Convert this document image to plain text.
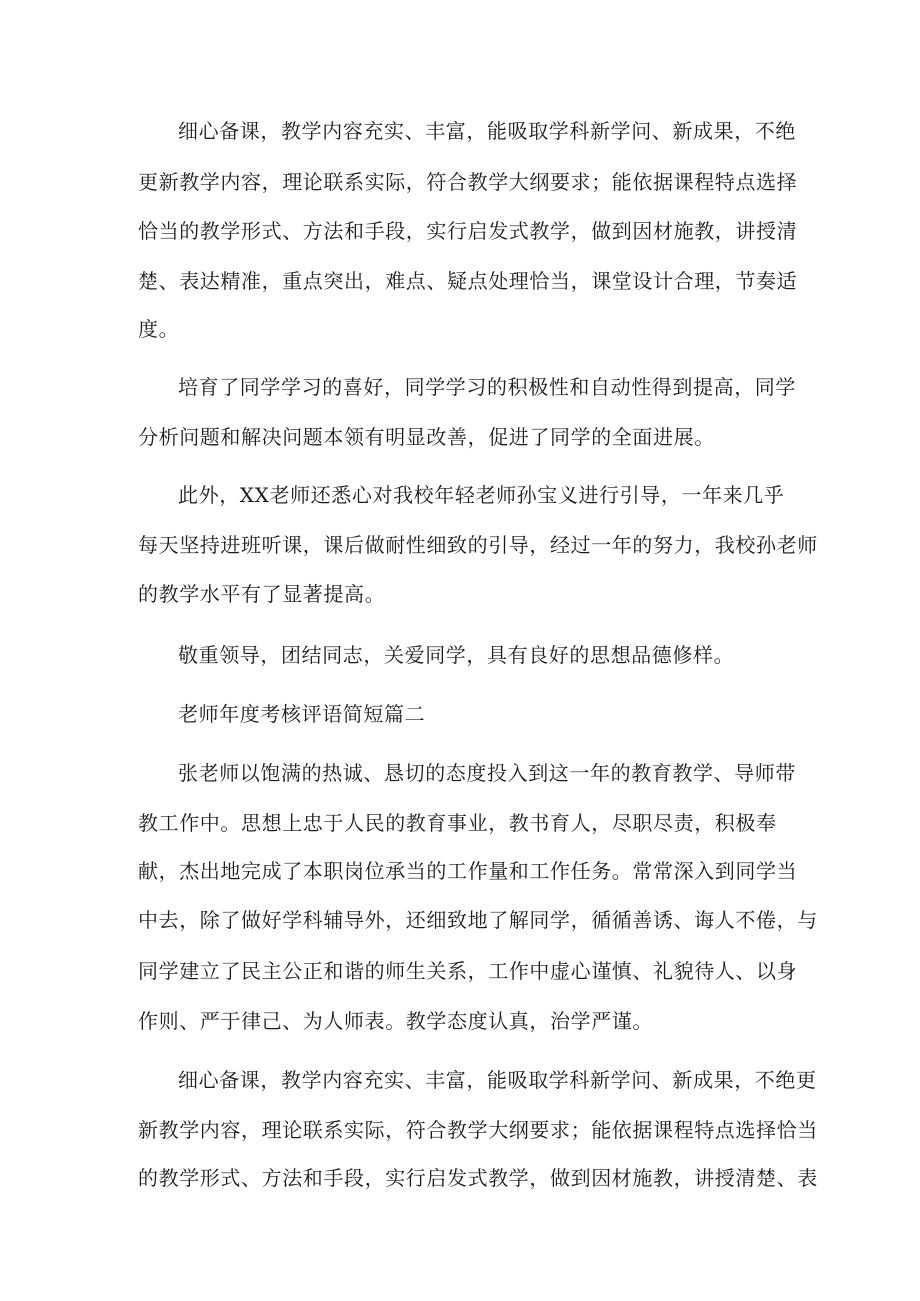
细心备课，教学内容充实、丰富，能吸取学科新学问、新成果，不绝
更新教学内容，理论联系实际，符合教学大纲要求；能依据课程特点选择
恰当的教学形式、方法和手段，实行启发式教学，做到因材施教，讲授清
楚、表达精准，重点突出，难点、疑点处理恰当，课堂设计合理，节奏适
度。
培育了同学学习的喜好，同学学习的积极性和自动性得到提高，同学
分析问题和解决问题本领有明显改善，促进了同学的全面进展。
此外，XX老师还悉心对我校年轻老师孙宝义进行引导，一年来几乎
每天坚持进班听课，课后做耐性细致的引导，经过一年的努力，我校孙老师
的教学水平有了显著提高。
敬重领导，团结同志，关爱同学，具有良好的思想品德修样。
老师年度考核评语简短篇二
张老师以饱满的热诚、恳切的态度投入到这一年的教育教学、导师带
教工作中。思想上忠于人民的教育事业，教书育人，尽职尽责，积极奉
献，杰出地完成了本职岗位承当的工作量和工作任务。常常深入到同学当
中去，除了做好学科辅导外，还细致地了解同学，循循善诱、诲人不倦，与
同学建立了民主公正和谐的师生关系，工作中虚心谨慎、礼貌待人、以身
作则、严于律己、为人师表。教学态度认真，治学严谨。
细心备课，教学内容充实、丰富，能吸取学科新学问、新成果，不绝更
新教学内容，理论联系实际，符合教学大纲要求；能依据课程特点选择恰当
的教学形式、方法和手段，实行启发式教学，做到因材施教，讲授清楚、表
